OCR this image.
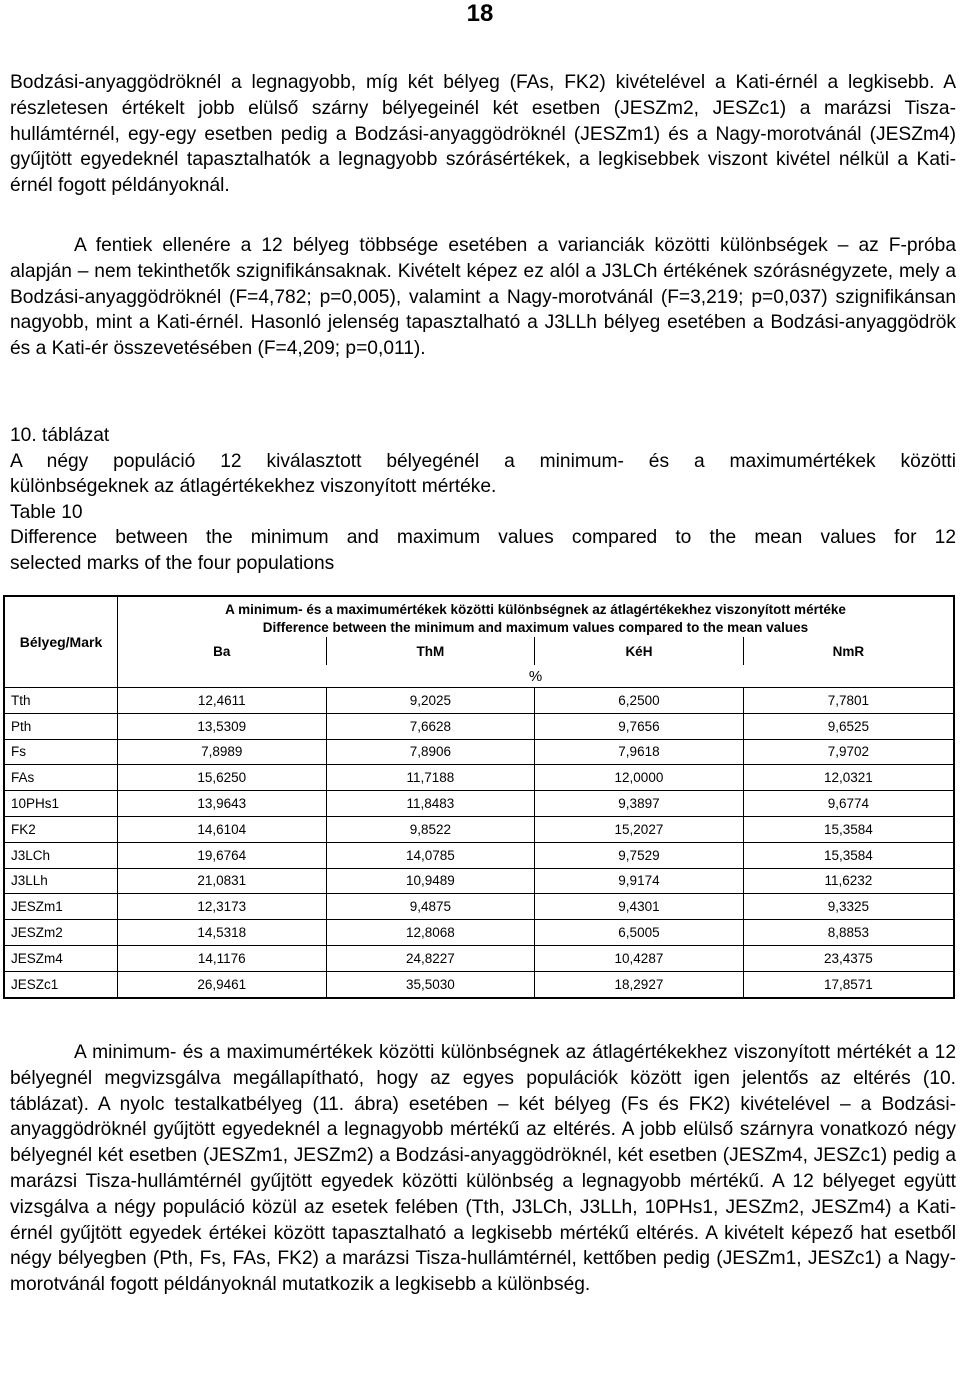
18

Bodzási-anyaggödröknél a legnagyobb, míg két bélyeg (FAs, FK2) kivételével a Kati-érnél a legkisebb. A részletesen értékelt jobb elülső szárny bélyegeinél két esetben (JESZm2, JESZc1) a marázsi Tisza-hullámtérnél, egy-egy esetben pedig a Bodzási-anyaggödröknél (JESZm1) és a Nagy-morotvánál (JESZm4) gyűjtött egyedeknél tapasztalhatók a legnagyobb szórásértékek, a legkisebbek viszont kivétel nélkül a Kati-érnél fogott példányoknál.

A fentiek ellenére a 12 bélyeg többsége esetében a varianciák közötti különbségek – az F-próba alapján – nem tekinthetők szignifikánsaknak. Kivételt képez ez alól a J3LCh értékének szórásnégyzete, mely a Bodzási-anyaggödröknél (F=4,782; p=0,005), valamint a Nagy-morotvánál (F=3,219; p=0,037) szignifikánsan nagyobb, mint a Kati-érnél. Hasonló jelenség tapasztalható a J3LLh bélyeg esetében a Bodzási-anyaggödrök és a Kati-ér összevetésében (F=4,209; p=0,011).

10. táblázat
A négy populáció 12 kiválasztott bélyegénél a minimum- és a maximumértékek közötti
különbségeknek az átlagértékekhez viszonyított mértéke.
Table 10
Difference between the minimum and maximum values compared to the mean values for 12
selected marks of the four populations
Bélyeg/Mark	A minimum- és a maximumértékek közötti különbségnek az átlagértékekhez viszonyított mértéke
Difference between the minimum and maximum values compared to the mean values			

	Ba	ThM	KéH	NmR
	%			
Tth	12,4611	9,2025	6,2500	7,7801
Pth	13,5309	7,6628	9,7656	9,6525
Fs	7,8989	7,8906	7,9618	7,9702
FAs	15,6250	11,7188	12,0000	12,0321
10PHs1	13,9643	11,8483	9,3897	9,6774
FK2	14,6104	9,8522	15,2027	15,3584
J3LCh	19,6764	14,0785	9,7529	15,3584
J3LLh	21,0831	10,9489	9,9174	11,6232
JESZm1	12,3173	9,4875	9,4301	9,3325
JESZm2	14,5318	12,8068	6,5005	8,8853
JESZm4	14,1176	24,8227	10,4287	23,4375
JESZc1	26,9461	35,5030	18,2927	17,8571

A minimum- és a maximumértékek közötti különbségnek az átlagértékekhez viszonyított mértékét a 12 bélyegnél megvizsgálva megállapítható, hogy az egyes populációk között igen jelentős az eltérés (10. táblázat). A nyolc testalkatbélyeg (11. ábra) esetében – két bélyeg (Fs és FK2) kivételével – a Bodzási-anyaggödröknél gyűjtött egyedeknél a legnagyobb mértékű az eltérés. A jobb elülső szárnyra vonatkozó négy bélyegnél két esetben (JESZm1, JESZm2) a Bodzási-anyaggödröknél, két esetben (JESZm4, JESZc1) pedig a marázsi Tisza-hullámtérnél gyűjtött egyedek közötti különbség a legnagyobb mértékű. A 12 bélyeget együtt vizsgálva a négy populáció közül az esetek felében (Tth, J3LCh, J3LLh, 10PHs1, JESZm2, JESZm4) a Kati-érnél gyűjtött egyedek értékei között tapasztalható a legkisebb mértékű eltérés. A kivételt képező hat esetből négy bélyegben (Pth, Fs, FAs, FK2) a marázsi Tisza-hullámtérnél, kettőben pedig (JESZm1, JESZc1) a Nagy-morotvánál fogott példányoknál mutatkozik a legkisebb a különbség.
